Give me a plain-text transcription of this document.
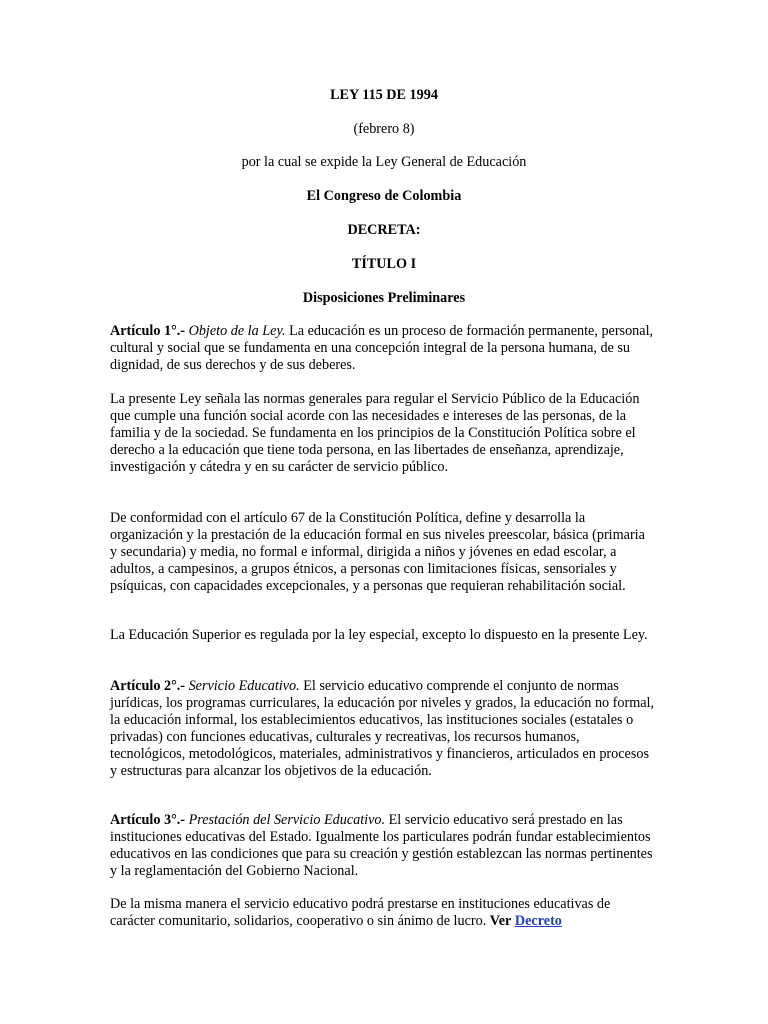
LEY 115 DE 1994
(febrero 8)
por la cual se expide la Ley General de Educación
El Congreso de Colombia
DECRETA:
TÍTULO I
Disposiciones Preliminares

Artículo 1°.- Objeto de la Ley. La educación es un proceso de formación permanente, personal, cultural y social que se fundamenta en una concepción integral de la persona humana, de su dignidad, de sus derechos y de sus deberes.

La presente Ley señala las normas generales para regular el Servicio Público de la Educación que cumple una función social acorde con las necesidades e intereses de las personas, de la familia y de la sociedad. Se fundamenta en los principios de la Constitución Política sobre el derecho a la educación que tiene toda persona, en las libertades de enseñanza, aprendizaje, investigación y cátedra y en su carácter de servicio público.

De conformidad con el artículo 67 de la Constitución Política, define y desarrolla la organización y la prestación de la educación formal en sus niveles preescolar, básica (primaria y secundaria) y media, no formal e informal, dirigida a niños y jóvenes en edad escolar, a adultos, a campesinos, a grupos étnicos, a personas con limitaciones físicas, sensoriales y psíquicas, con capacidades excepcionales, y a personas que requieran rehabilitación social.

La Educación Superior es regulada por la ley especial, excepto lo dispuesto en la presente Ley.

Artículo 2°.- Servicio Educativo. El servicio educativo comprende el conjunto de normas jurídicas, los programas curriculares, la educación por niveles y grados, la educación no formal, la educación informal, los establecimientos educativos, las instituciones sociales (estatales o privadas) con funciones educativas, culturales y recreativas, los recursos humanos, tecnológicos, metodológicos, materiales, administrativos y financieros, articulados en procesos y estructuras para alcanzar los objetivos de la educación.

Artículo 3°.- Prestación del Servicio Educativo. El servicio educativo será prestado en las instituciones educativas del Estado. Igualmente los particulares podrán fundar establecimientos educativos en las condiciones que para su creación y gestión establezcan las normas pertinentes y la reglamentación del Gobierno Nacional.

De la misma manera el servicio educativo podrá prestarse en instituciones educativas de carácter comunitario, solidarios, cooperativo o sin ánimo de lucro. Ver Decreto
